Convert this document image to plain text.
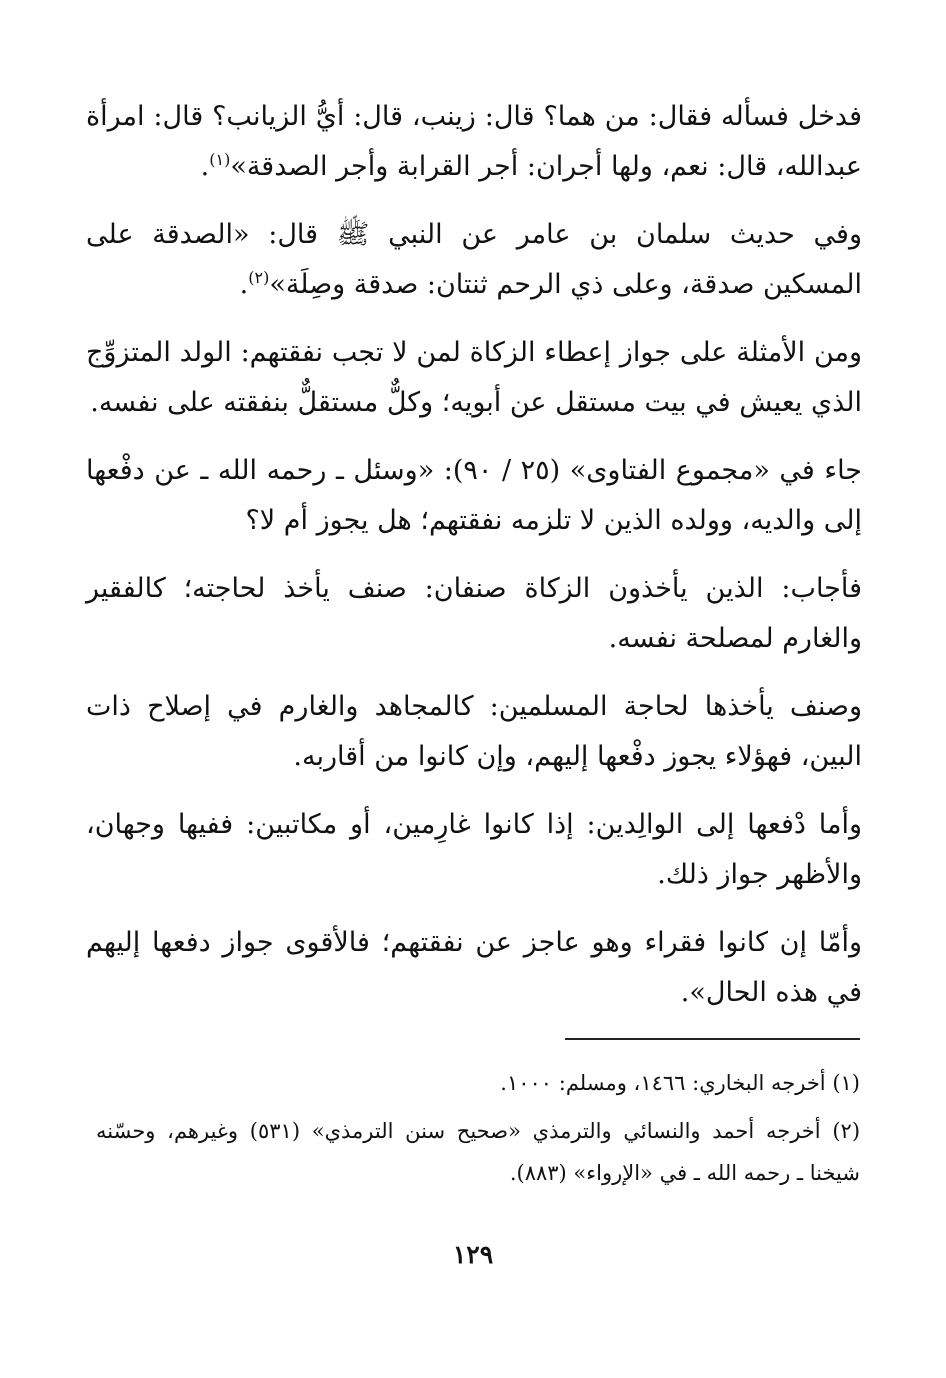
فدخل فسأله فقال: من هما؟ قال: زينب، قال: أيُّ الزيانب؟ قال: امرأة عبدالله، قال: نعم، ولها أجران: أجر القرابة وأجر الصدقة»$^{(١)}$.

وفي حديث سلمان بن عامر عن النبي ﷺ قال: «الصدقة على المسكين صدقة، وعلى ذي الرحم ثنتان: صدقة وصِلَة»$^{(٢)}$.

ومن الأمثلة على جواز إعطاء الزكاة لمن لا تجب نفقتهم: الولد المتزوِّج الذي يعيش في بيت مستقل عن أبويه؛ وكلٌّ مستقلٌّ بنفقته على نفسه.

جاء في «مجموع الفتاوى» (٢٥ / ٩٠): «وسئل ـ رحمه الله ـ عن دفْعها إلى والديه، وولده الذين لا تلزمه نفقتهم؛ هل يجوز أم لا؟

فأجاب: الذين يأخذون الزكاة صنفان: صنف يأخذ لحاجته؛ كالفقير والغارم لمصلحة نفسه.

وصنف يأخذها لحاجة المسلمين: كالمجاهد والغارم في إصلاح ذات البين، فهؤلاء يجوز دفْعها إليهم، وإن كانوا من أقاربه.

وأما دْفعها إلى الوالِدين: إذا كانوا غارِمين، أو مكاتبين: ففيها وجهان، والأظهر جواز ذلك.

وأمّا إن كانوا فقراء وهو عاجز عن نفقتهم؛ فالأقوى جواز دفعها إليهم في هذه الحال».

(١) أخرجه البخاري: ١٤٦٦، ومسلم: ١٠٠٠.

(٢) أخرجه أحمد والنسائي والترمذي «صحيح سنن الترمذي» (٥٣١) وغيرهم، وحسّنه شيخنا ـ رحمه الله ـ في «الإرواء» (٨٨٣).

١٢٩
